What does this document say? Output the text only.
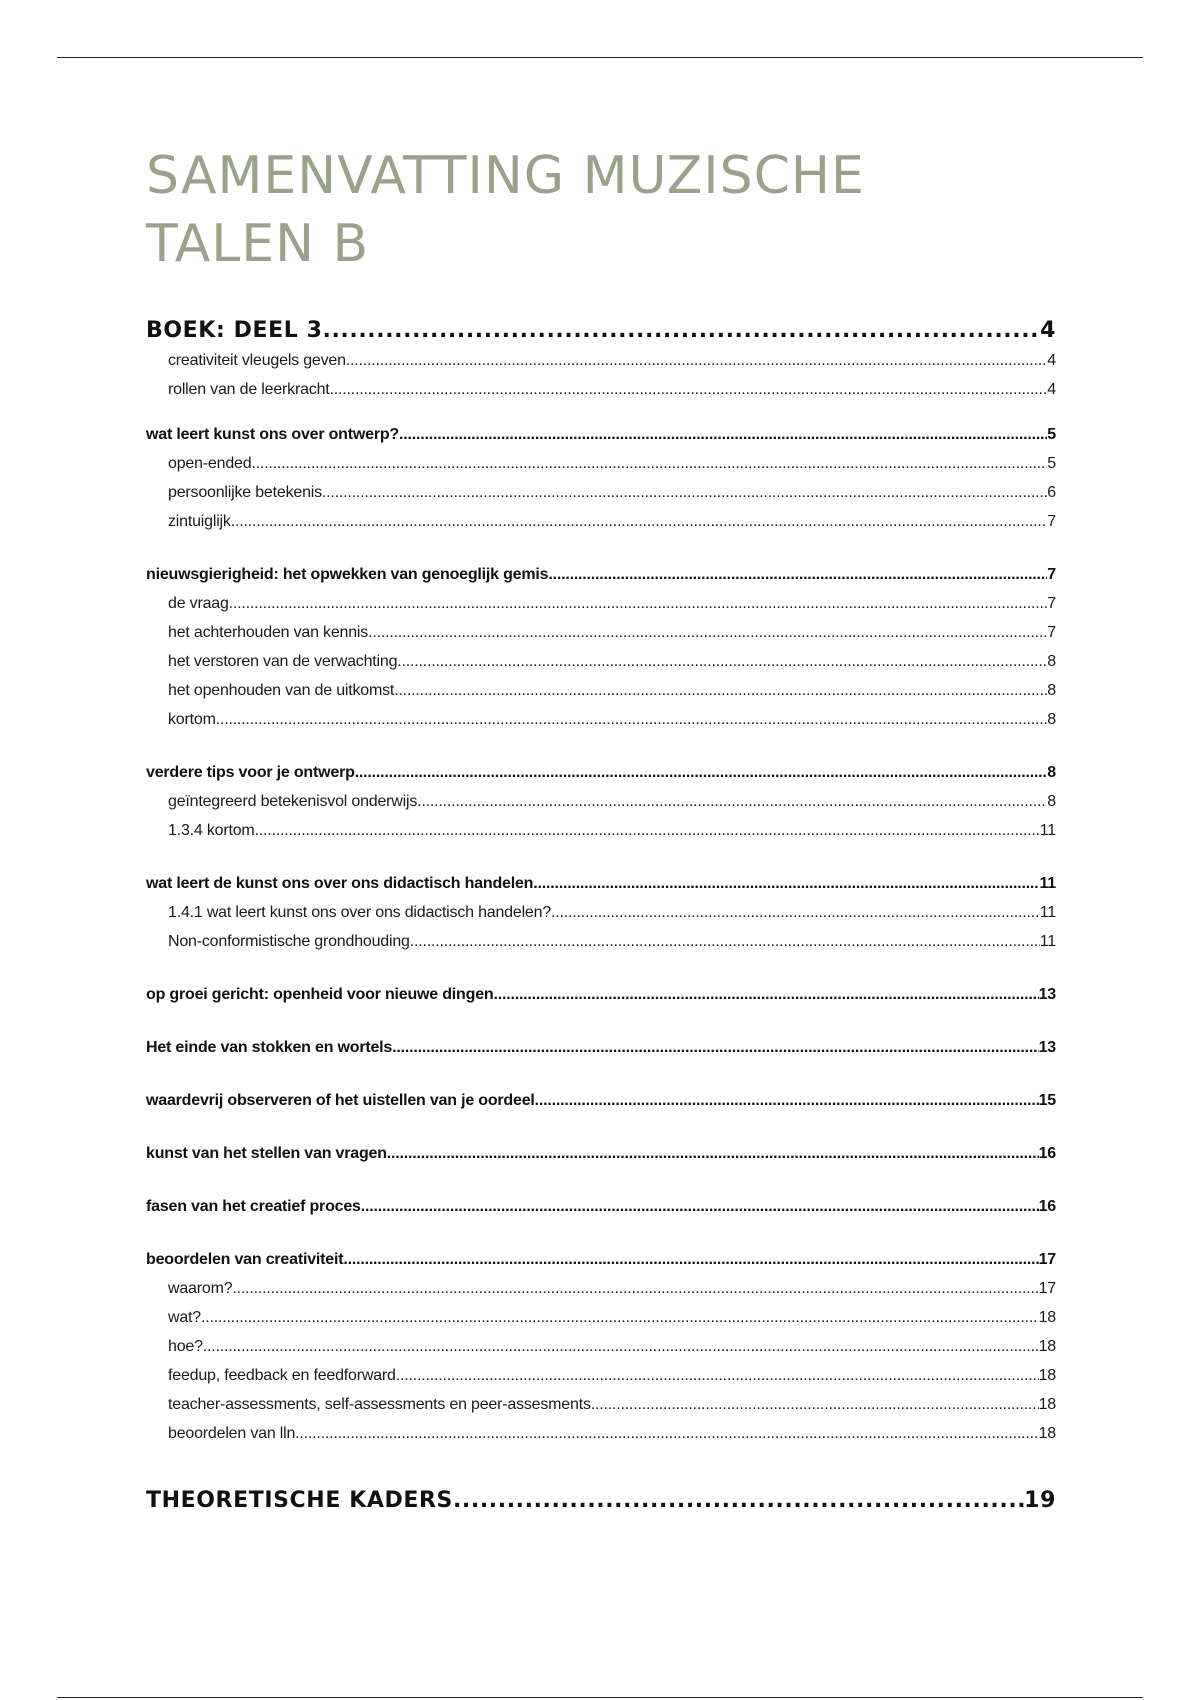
SAMENVATTING MUZISCHE
TALEN B
BOEK: DEEL 3 .....	4
creativiteit vleugels geven .....	4
rollen van de leerkracht .....	4
wat leert kunst ons over ontwerp? .....	5
open-ended .....	5
persoonlijke betekenis .....	6
zintuiglijk .....	7
nieuwsgierigheid: het opwekken van genoeglijk gemis .....	7
de vraag .....	7
het achterhouden van kennis .....	7
het verstoren van de verwachting .....	8
het openhouden van de uitkomst .....	8
kortom .....	8
verdere tips voor je ontwerp .....	8
geïntegreerd betekenisvol onderwijs .....	8
1.3.4 kortom .....	11
wat leert de kunst ons over ons didactisch handelen .....	11
1.4.1 wat leert kunst ons over ons didactisch handelen? .....	11
Non-conformistische grondhouding .....	11
op groei gericht: openheid voor nieuwe dingen .....	13
Het einde van stokken en wortels .....	13
waardevrij observeren of het uistellen van je oordeel .....	15
kunst van het stellen van vragen .....	16
fasen van het creatief proces .....	16
beoordelen van creativiteit .....	17
waarom? .....	17
wat? .....	18
hoe? .....	18
feedup, feedback en feedforward .....	18
teacher-assessments, self-assessments en peer-assesments .....	18
beoordelen van lln .....	18
THEORETISCHE KADERS .....	19
